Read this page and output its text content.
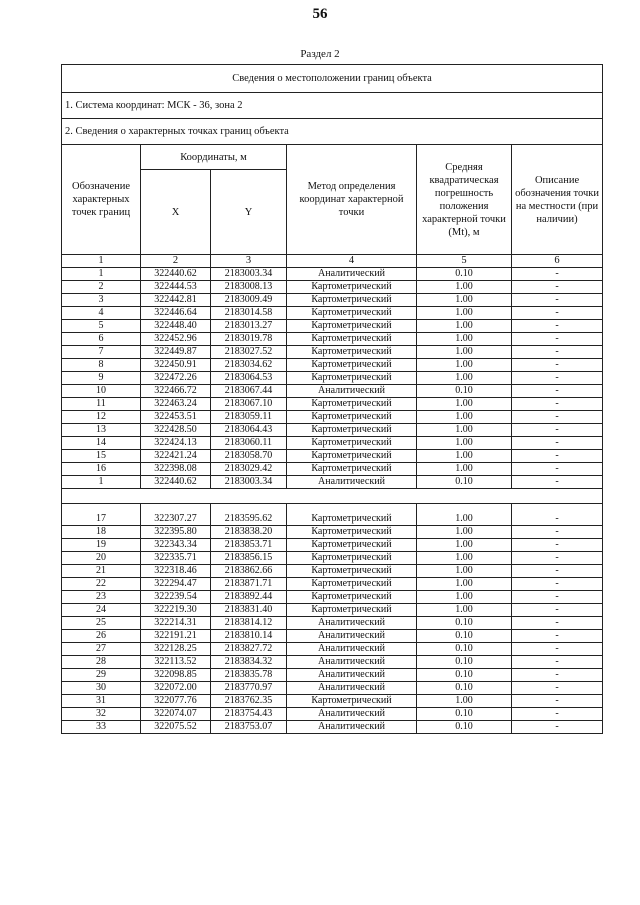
56
Раздел 2
Сведения о местоположении границ объекта					
1. Система координат: МСК - 36, зона 2					
2. Сведения о характерных точках границ объекта					
Обозначение характерных точек границ	Координаты, м		Метод определения координат характерной точки	Средняя квадратическая погрешность положения характерной точки (Mt), м	Описание обозначения точки на местности (при наличии)
	X	Y			
1	2	3	4	5	6
1	322440.62	2183003.34	Аналитический	0.10	-
2	322444.53	2183008.13	Картометрический	1.00	-
3	322442.81	2183009.49	Картометрический	1.00	-
4	322446.64	2183014.58	Картометрический	1.00	-
5	322448.40	2183013.27	Картометрический	1.00	-
6	322452.96	2183019.78	Картометрический	1.00	-
7	322449.87	2183027.52	Картометрический	1.00	-
8	322450.91	2183034.62	Картометрический	1.00	-
9	322472.26	2183064.53	Картометрический	1.00	-
10	322466.72	2183067.44	Аналитический	0.10	-
11	322463.24	2183067.10	Картометрический	1.00	-
12	322453.51	2183059.11	Картометрический	1.00	-
13	322428.50	2183064.43	Картометрический	1.00	-
14	322424.13	2183060.11	Картометрический	1.00	-
15	322421.24	2183058.70	Картометрический	1.00	-
16	322398.08	2183029.42	Картометрический	1.00	-
1	322440.62	2183003.34	Аналитический	0.10	-

17	322307.27	2183595.62	Картометрический	1.00	-
18	322395.80	2183838.20	Картометрический	1.00	-
19	322343.34	2183853.71	Картометрический	1.00	-
20	322335.71	2183856.15	Картометрический	1.00	-
21	322318.46	2183862.66	Картометрический	1.00	-
22	322294.47	2183871.71	Картометрический	1.00	-
23	322239.54	2183892.44	Картометрический	1.00	-
24	322219.30	2183831.40	Картометрический	1.00	-
25	322214.31	2183814.12	Аналитический	0.10	-
26	322191.21	2183810.14	Аналитический	0.10	-
27	322128.25	2183827.72	Аналитический	0.10	-
28	322113.52	2183834.32	Аналитический	0.10	-
29	322098.85	2183835.78	Аналитический	0.10	-
30	322072.00	2183770.97	Аналитический	0.10	-
31	322077.76	2183762.35	Картометрический	1.00	-
32	322074.07	2183754.43	Аналитический	0.10	-
33	322075.52	2183753.07	Аналитический	0.10	-
